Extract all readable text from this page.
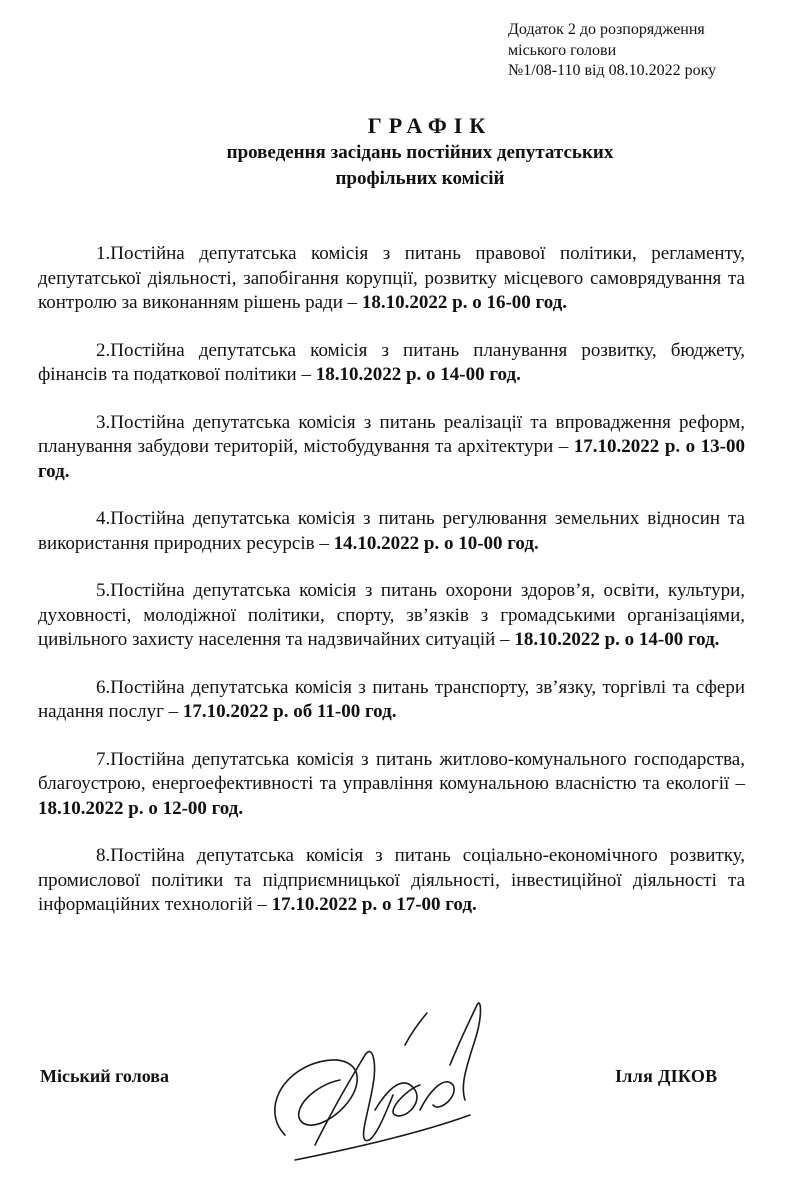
Додаток 2 до розпорядження
міського голови
№1/08-110 від 08.10.2022 року
ГРАФІК
проведення засідань постійних депутатських
профільних комісій

1.Постійна депутатська комісія з питань правової політики, регламенту, депутатської діяльності, запобігання корупції, розвитку місцевого самоврядування та контролю за виконанням рішень ради – 18.10.2022 р. о 16-00 год.

2.Постійна депутатська комісія з питань планування розвитку, бюджету, фінансів та податкової політики – 18.10.2022 р. о 14-00 год.

3.Постійна депутатська комісія з питань реалізації та впровадження реформ, планування забудови територій, містобудування та архітектури – 17.10.2022 р. о 13-00 год.

4.Постійна депутатська комісія з питань регулювання земельних відносин та використання природних ресурсів – 14.10.2022 р. о 10-00 год.

5.Постійна депутатська комісія з питань охорони здоров’я, освіти, культури, духовності, молодіжної політики, спорту, зв’язків з громадськими організаціями, цивільного захисту населення та надзвичайних ситуацій – 18.10.2022 р. о 14-00 год.

6.Постійна депутатська комісія з питань транспорту, зв’язку, торгівлі та сфери надання послуг – 17.10.2022 р. об 11-00 год.

7.Постійна депутатська комісія з питань житлово-комунального господарства, благоустрою, енергоефективності та управління комунальною власністю та екології – 18.10.2022 р. о 12-00 год.

8.Постійна депутатська комісія з питань соціально-економічного розвитку, промислової політики та підприємницької діяльності, інвестиційної діяльності та інформаційних технологій – 17.10.2022 р. о 17-00 год.

Міський голова	Ілля ДІКОВ
